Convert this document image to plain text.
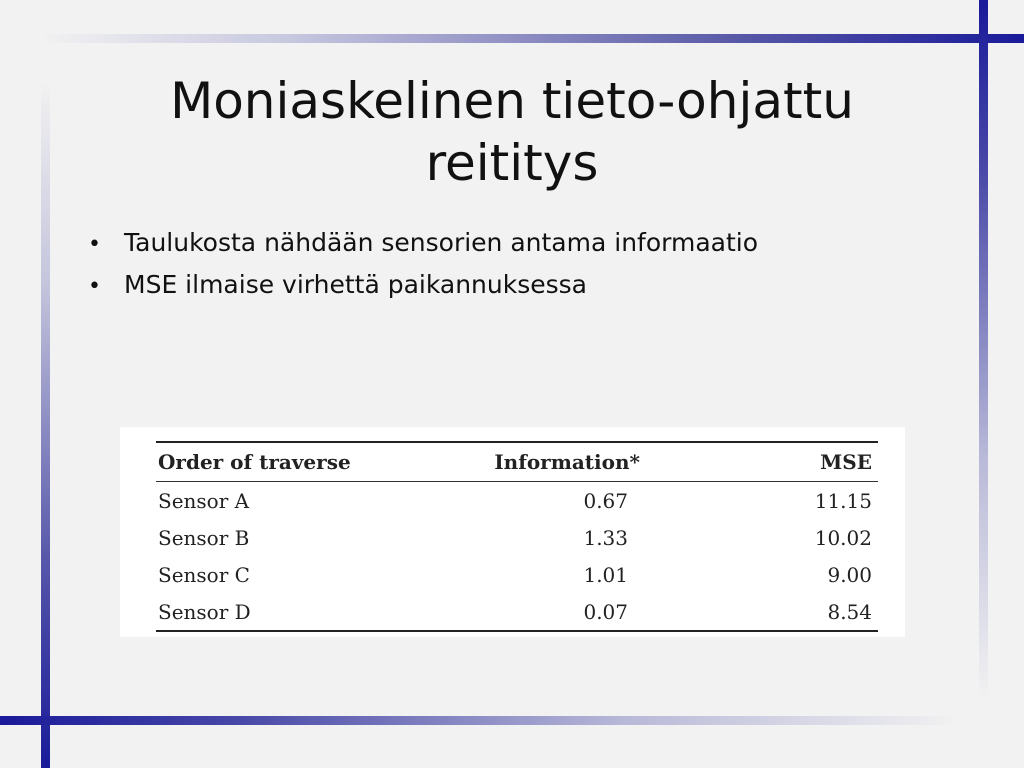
Moniaskelinen tieto-ohjattu
reititys
• Taulukosta nähdään sensorien antama informaatio
• MSE ilmaise virhettä paikannuksessa
Order of traverse	Information*	MSE
Sensor A	0.67	11.15
Sensor B	1.33	10.02
Sensor C	1.01	9.00
Sensor D	0.07	8.54
